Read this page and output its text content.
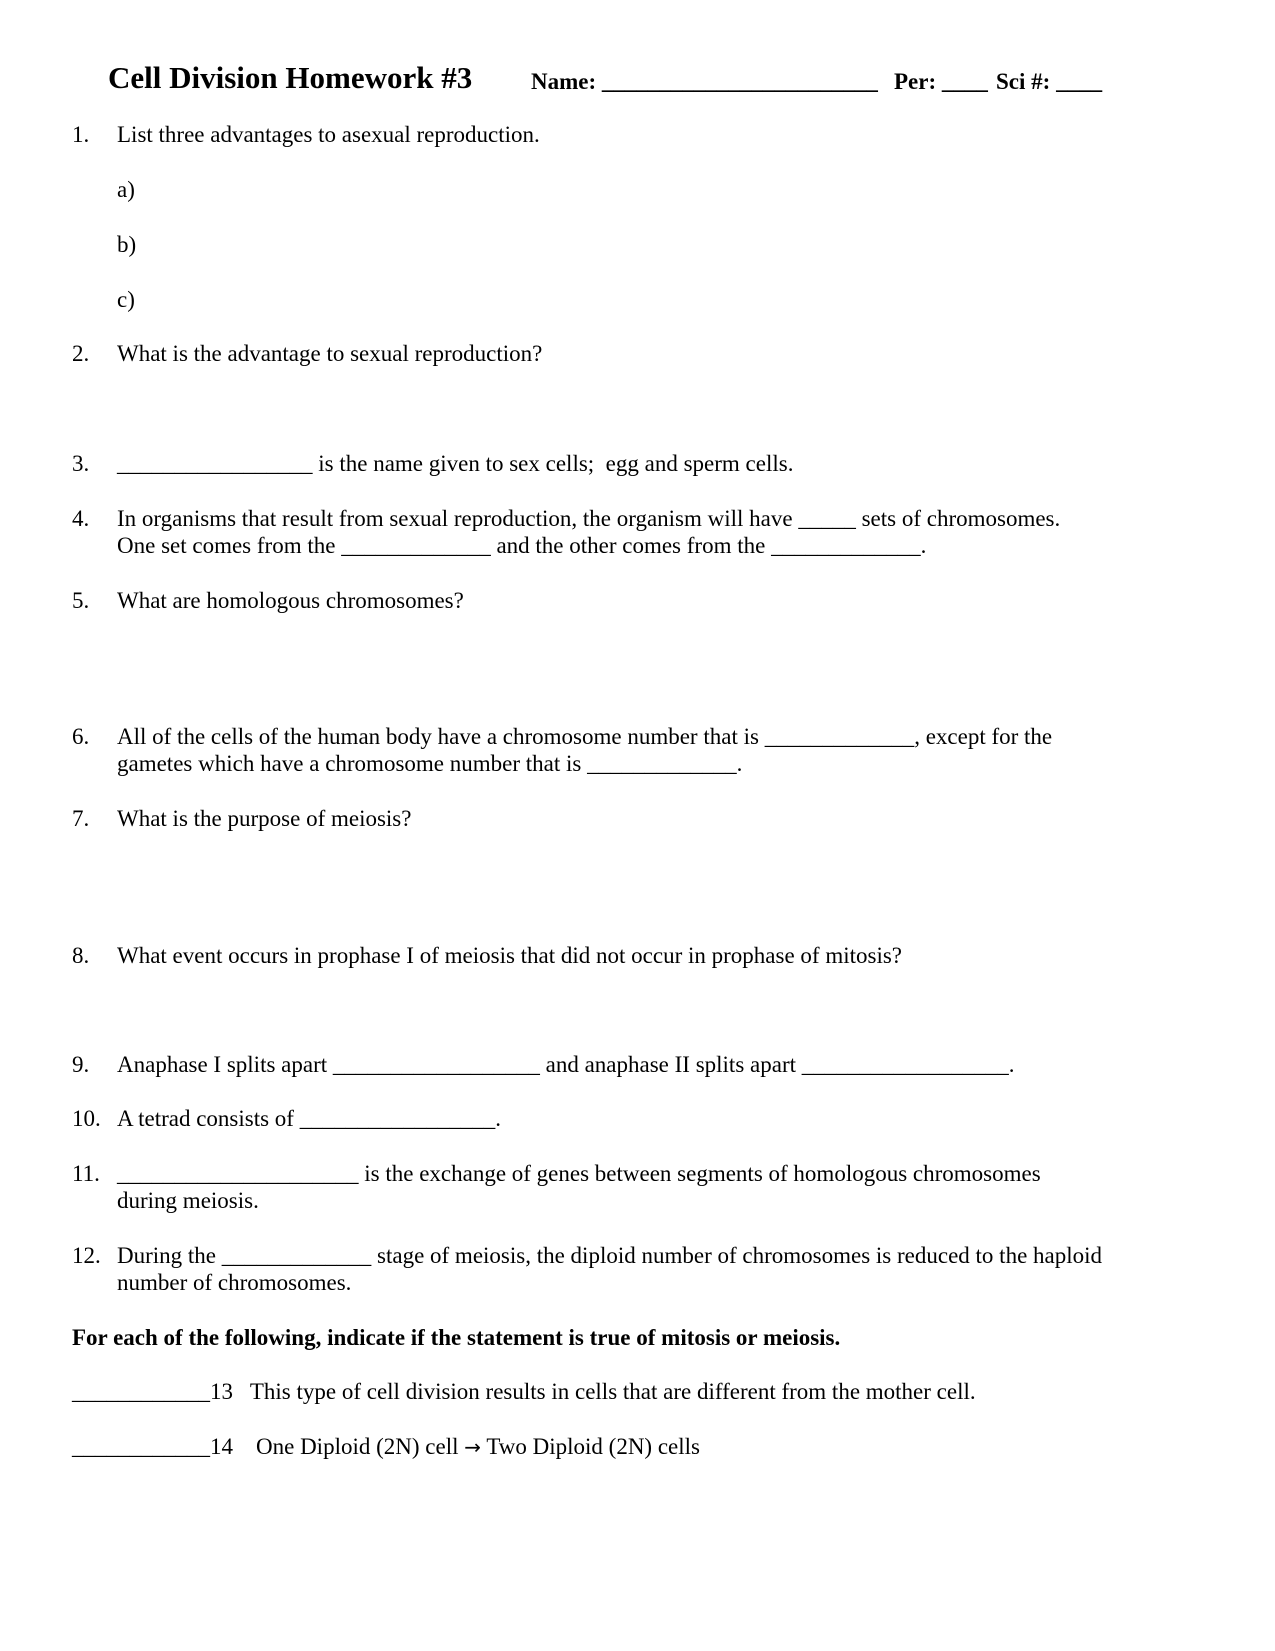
Cell Division Homework #3	Name: ________________________ Per: ____ Sci #: ____
1. List three advantages to asexual reproduction.
a)
b)
c)
2. What is the advantage to sexual reproduction?
3. _________________ is the name given to sex cells;  egg and sperm cells.
4. In organisms that result from sexual reproduction, the organism will have _____ sets of chromosomes.
One set comes from the _____________ and the other comes from the _____________.
5. What are homologous chromosomes?
6. All of the cells of the human body have a chromosome number that is _____________, except for the
gametes which have a chromosome number that is _____________.
7. What is the purpose of meiosis?
8. What event occurs in prophase I of meiosis that did not occur in prophase of mitosis?
9. Anaphase I splits apart __________________ and anaphase II splits apart __________________.
10. A tetrad consists of _________________.
11. _____________________ is the exchange of genes between segments of homologous chromosomes
during meiosis.
12. During the _____________ stage of meiosis, the diploid number of chromosomes is reduced to the haploid
number of chromosomes.
For each of the following, indicate if the statement is true of mitosis or meiosis.
____________13 This type of cell division results in cells that are different from the mother cell.
____________14 One Diploid (2N) cell → Two Diploid (2N) cells
